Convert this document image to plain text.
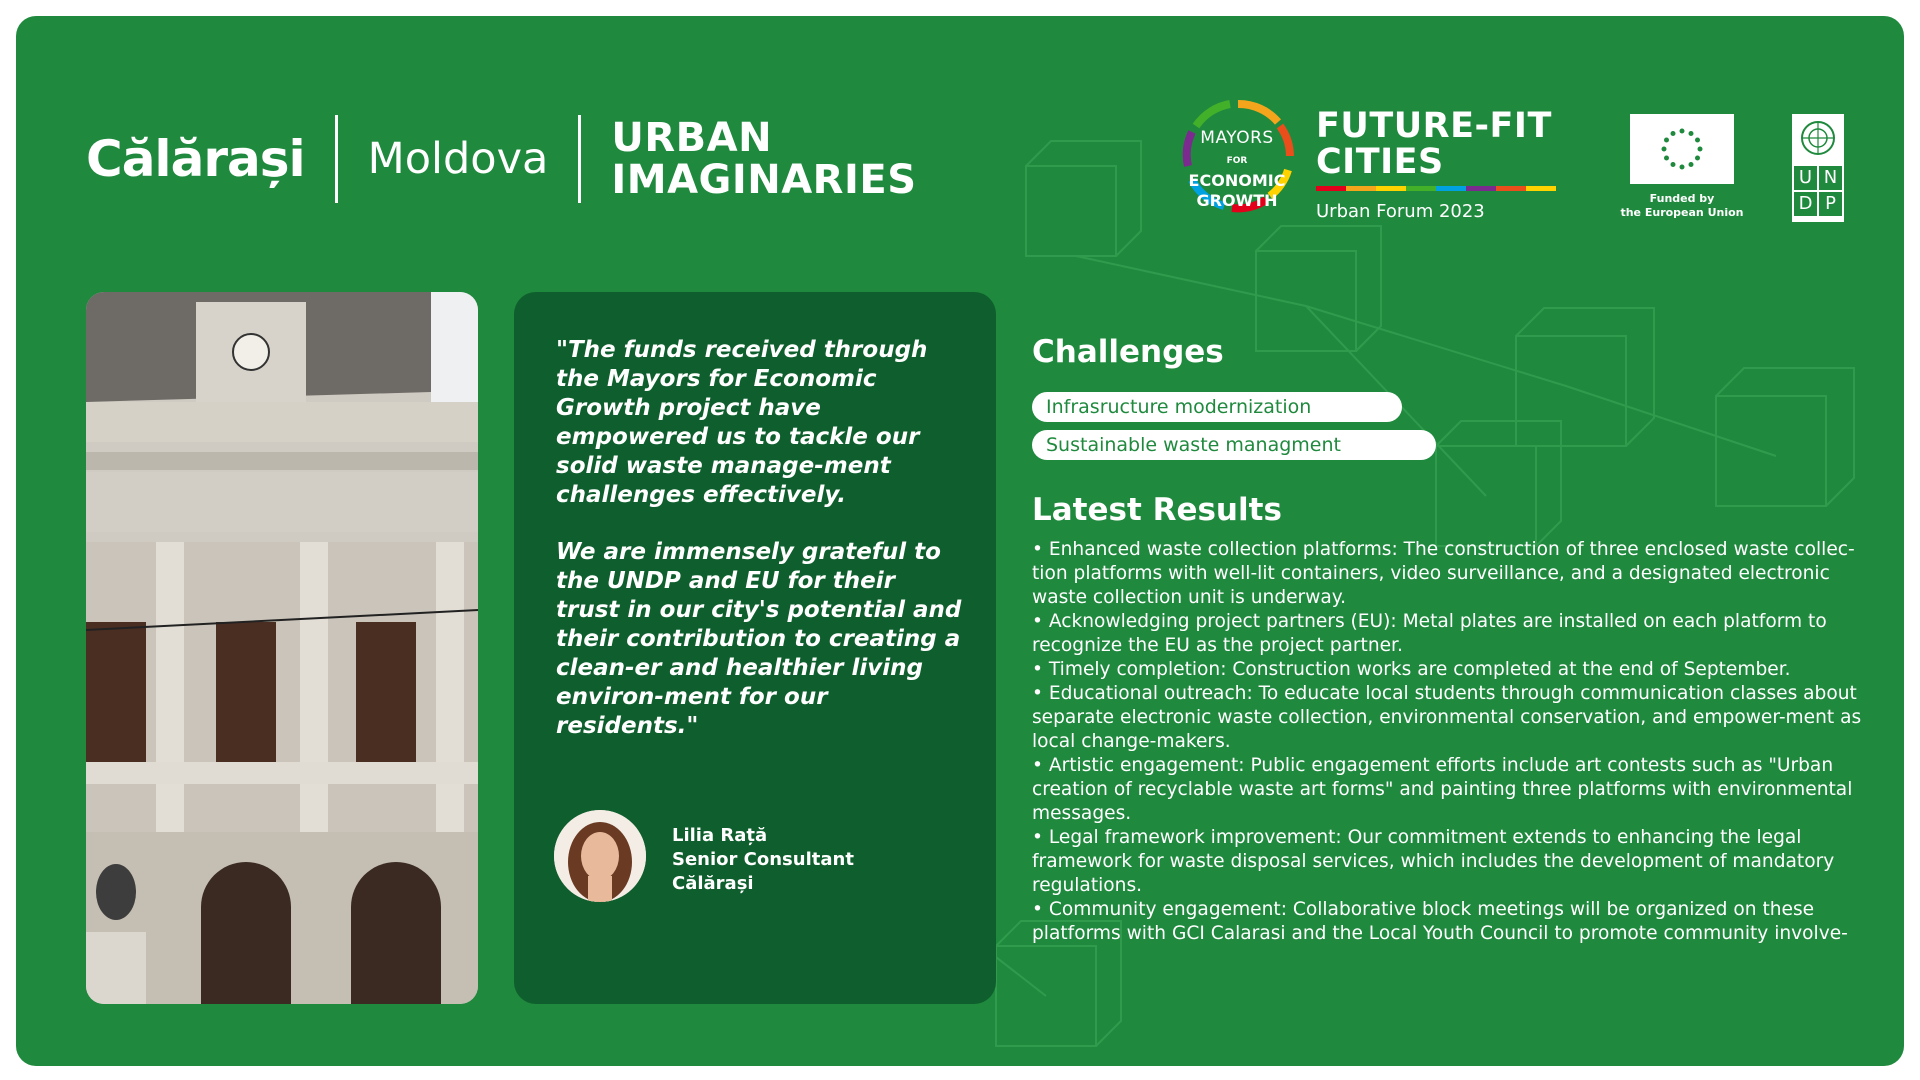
Călărași Moldova URBAN
IMAGINARIES
MAYORS
FOR ECONOMIC
GROWTH
FUTURE-FIT
CITIES
Urban Forum 2023
Funded by
the European Union
U N
D P

"The funds received through the Mayors for Economic Growth project have empowered us to tackle our solid waste manage-ment challenges effectively.

We are immensely grateful to the UNDP and EU for their trust in our city's potential and their contribution to creating a clean-er and healthier living environ-ment for our residents."

Lilia Rață
Senior Consultant
Călărași
Challenges
Infrasructure modernization
Sustainable waste managment
Latest Results
• Enhanced waste collection platforms: The construction of three enclosed waste collec-tion platforms with well-lit containers, video surveillance, and a designated electronic waste collection unit is underway.
• Acknowledging project partners (EU): Metal plates are installed on each platform to recognize the EU as the project partner.
• Timely completion: Construction works are completed at the end of September.
• Educational outreach: To educate local students through communication classes about separate electronic waste collection, environmental conservation, and empower-ment as local change-makers.
• Artistic engagement: Public engagement efforts include art contests such as "Urban creation of recyclable waste art forms" and painting three platforms with environmental messages.
• Legal framework improvement: Our commitment extends to enhancing the legal framework for waste disposal services, which includes the development of mandatory regulations.
• Community engagement: Collaborative block meetings will be organized on these platforms with GCI Calarasi and the Local Youth Council to promote community involve-
